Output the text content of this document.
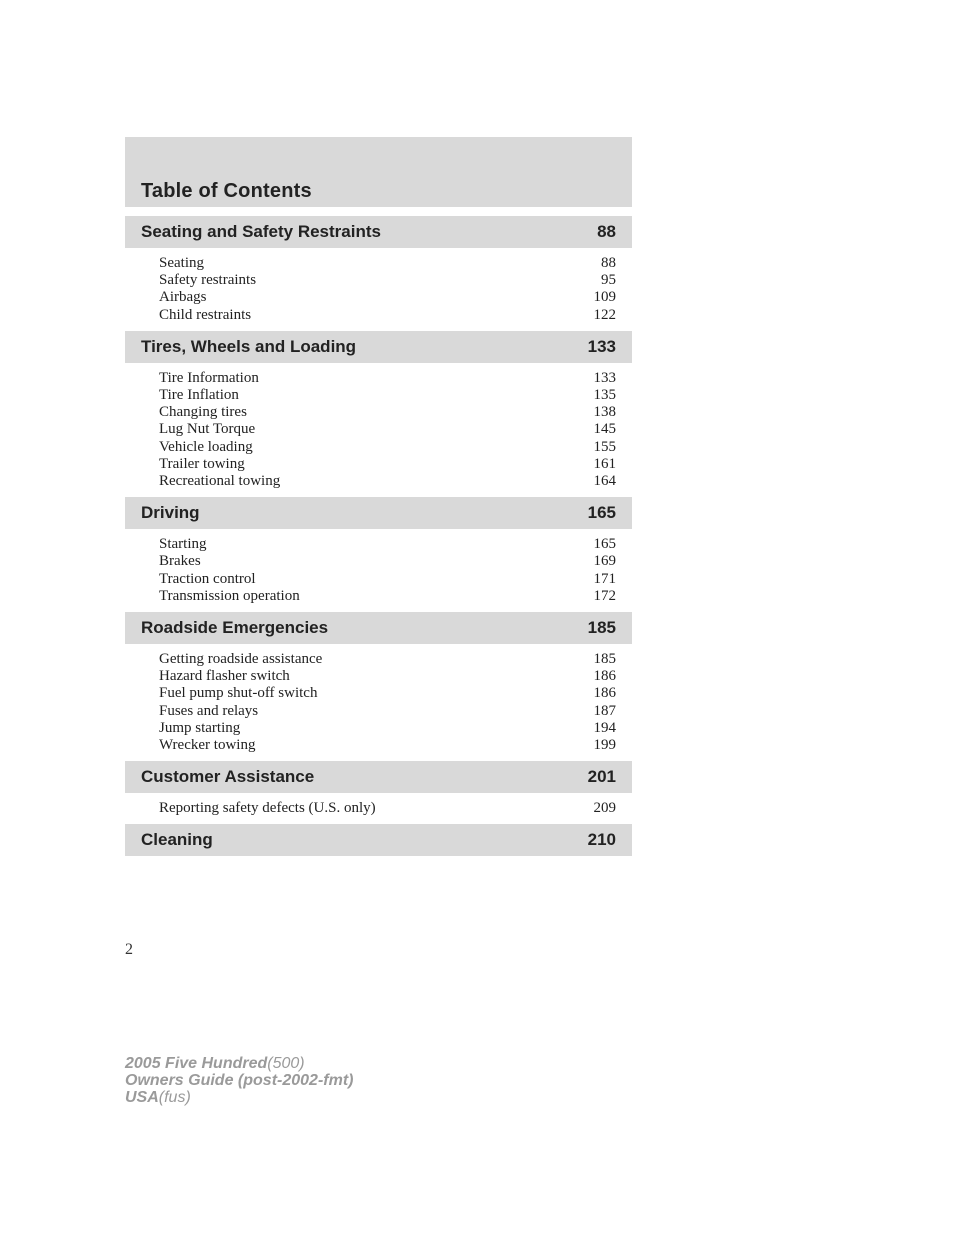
Table of Contents
Seating and Safety Restraints	88
Seating	88
Safety restraints	95
Airbags	109
Child restraints	122
Tires, Wheels and Loading	133
Tire Information	133
Tire Inflation	135
Changing tires	138
Lug Nut Torque	145
Vehicle loading	155
Trailer towing	161
Recreational towing	164
Driving	165
Starting	165
Brakes	169
Traction control	171
Transmission operation	172
Roadside Emergencies	185
Getting roadside assistance	185
Hazard flasher switch	186
Fuel pump shut-off switch	186
Fuses and relays	187
Jump starting	194
Wrecker towing	199
Customer Assistance	201
Reporting safety defects (U.S. only)	209
Cleaning	210
2
2005 Five Hundred(500)
Owners Guide (post-2002-fmt)
USA(fus)
